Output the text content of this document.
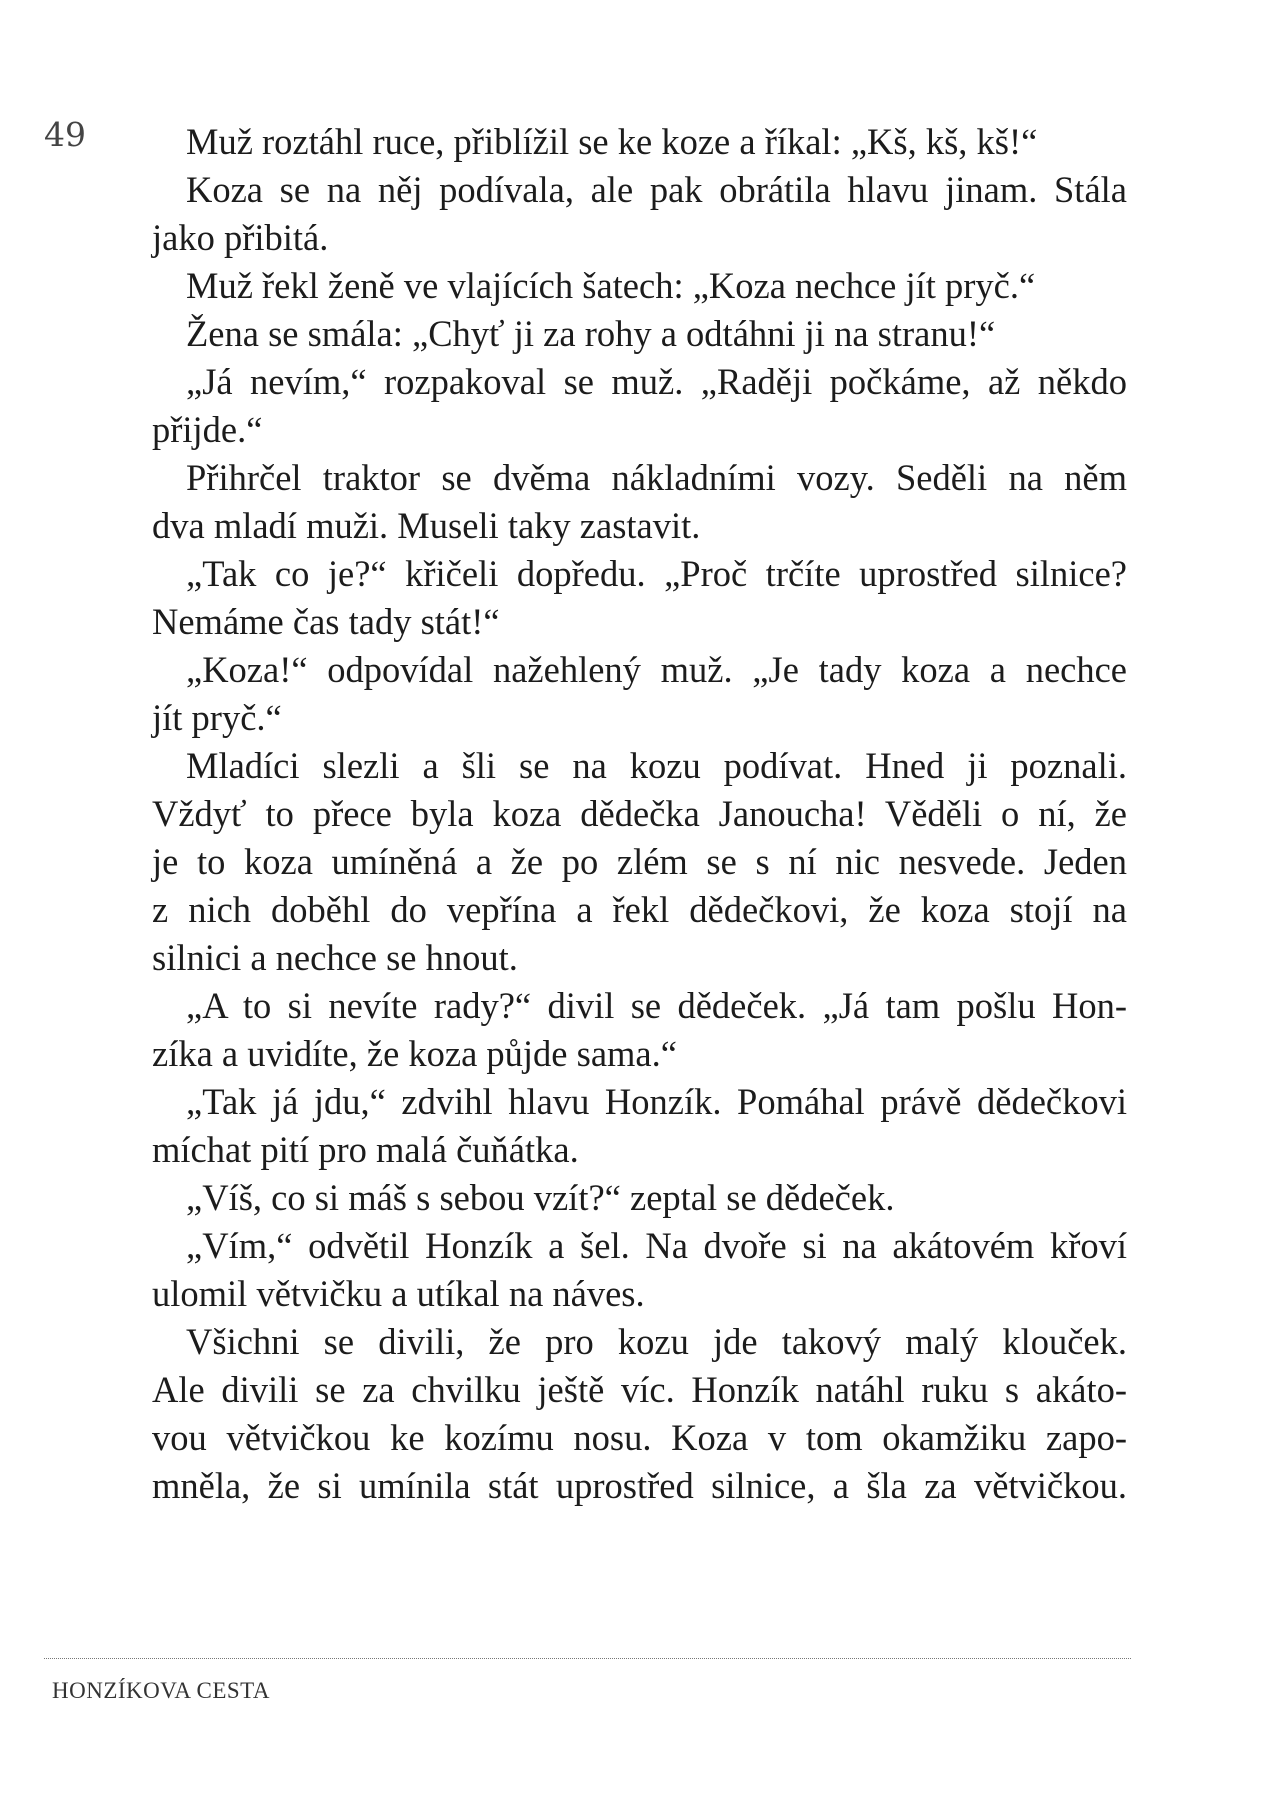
49	Muž roztáhl ruce, přiblížil se ke koze a říkal: „Kš, kš, kš!“
Koza se na něj podívala, ale pak obrátila hlavu jinam. Stála
jako přibitá.
Muž řekl ženě ve vlajících šatech: „Koza nechce jít pryč.“
Žena se smála: „Chyť ji za rohy a odtáhni ji na stranu!“
„Já nevím,“ rozpakoval se muž. „Raději počkáme, až někdo
přijde.“
Přihrčel traktor se dvěma nákladními vozy. Seděli na něm
dva mladí muži. Museli taky zastavit.
„Tak co je?“ křičeli dopředu. „Proč trčíte uprostřed silnice?
Nemáme čas tady stát!“
„Koza!“ odpovídal nažehlený muž. „Je tady koza a nechce
jít pryč.“
Mladíci slezli a šli se na kozu podívat. Hned ji poznali.
Vždyť to přece byla koza dědečka Janoucha! Věděli o ní, že
je to koza umíněná a že po zlém se s ní nic nesvede. Jeden
z nich doběhl do vepřína a řekl dědečkovi, že koza stojí na
silnici a nechce se hnout.
„A to si nevíte rady?“ divil se dědeček. „Já tam pošlu Hon-
zíka a uvidíte, že koza půjde sama.“
„Tak já jdu,“ zdvihl hlavu Honzík. Pomáhal právě dědečkovi
míchat pití pro malá čuňátka.
„Víš, co si máš s sebou vzít?“ zeptal se dědeček.
„Vím,“ odvětil Honzík a šel. Na dvoře si na akátovém křoví
ulomil větvičku a utíkal na náves.
Všichni se divili, že pro kozu jde takový malý klouček.
Ale divili se za chvilku ještě víc. Honzík natáhl ruku s akáto-
vou větvičkou ke kozímu nosu. Koza v tom okamžiku zapo-
mněla, že si umínila stát uprostřed silnice, a šla za větvičkou.
HONZÍKOVA CESTA
